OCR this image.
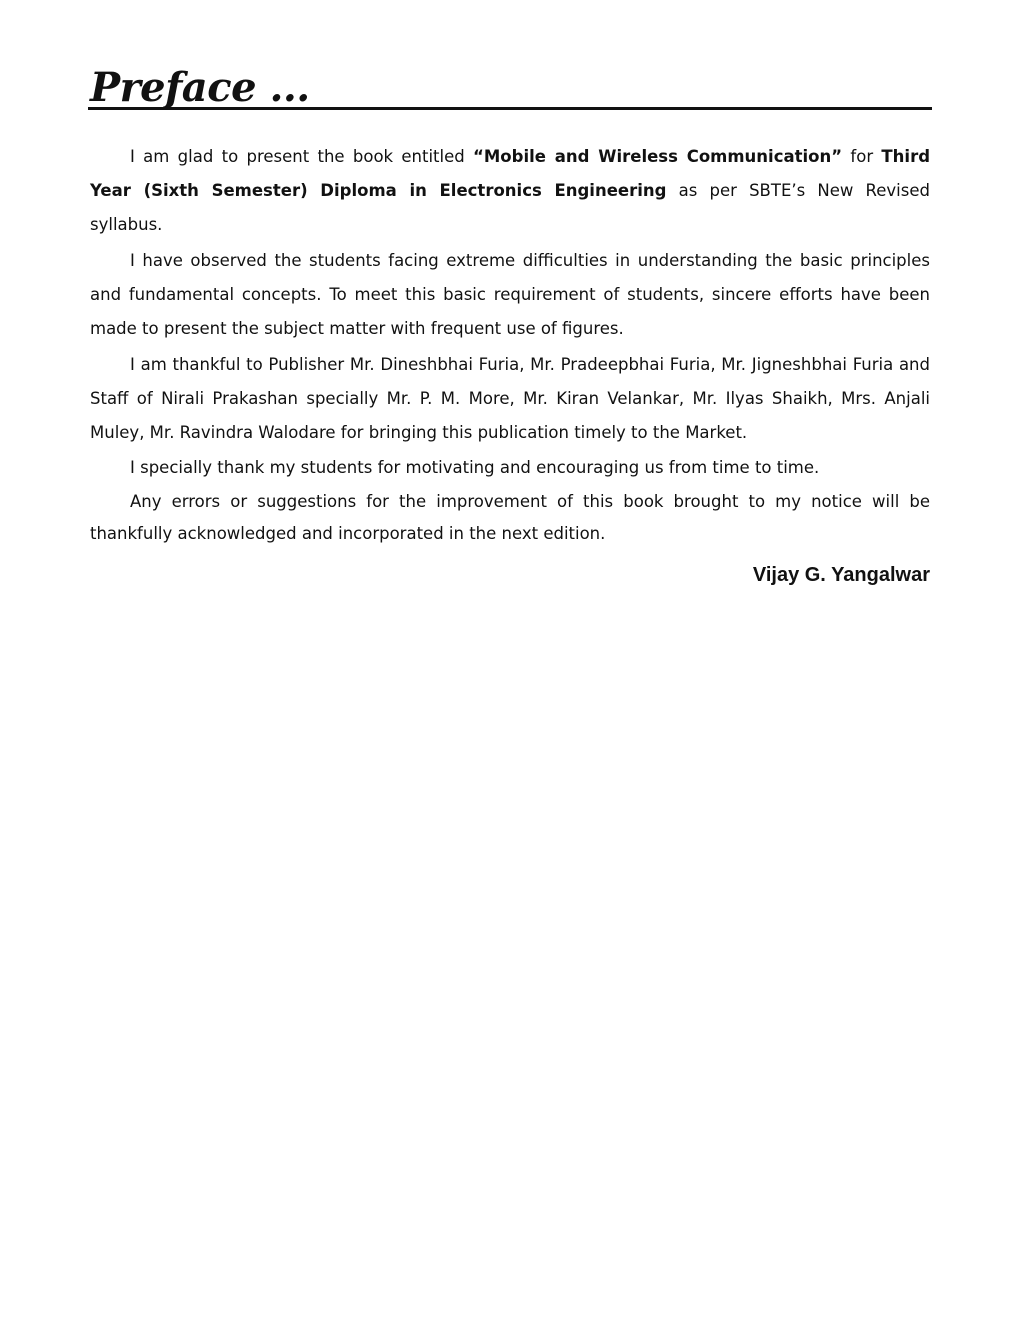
Preface ...

I am glad to present the book entitled “Mobile and Wireless Communication” for Third Year (Sixth Semester) Diploma in Electronics Engineering as per SBTE’s New Revised syllabus.

I have observed the students facing extreme difficulties in understanding the basic principles and fundamental concepts. To meet this basic requirement of students, sincere efforts have been made to present the subject matter with frequent use of figures.

I am thankful to Publisher Mr. Dineshbhai Furia, Mr. Pradeepbhai Furia, Mr. Jigneshbhai Furia and Staff of Nirali Prakashan specially Mr. P. M. More, Mr. Kiran Velankar, Mr. Ilyas Shaikh, Mrs. Anjali Muley, Mr. Ravindra Walodare for bringing this publication timely to the Market.

I specially thank my students for motivating and encouraging us from time to time.

Any errors or suggestions for the improvement of this book brought to my notice will be thankfully acknowledged and incorporated in the next edition.

Vijay G. Yangalwar
